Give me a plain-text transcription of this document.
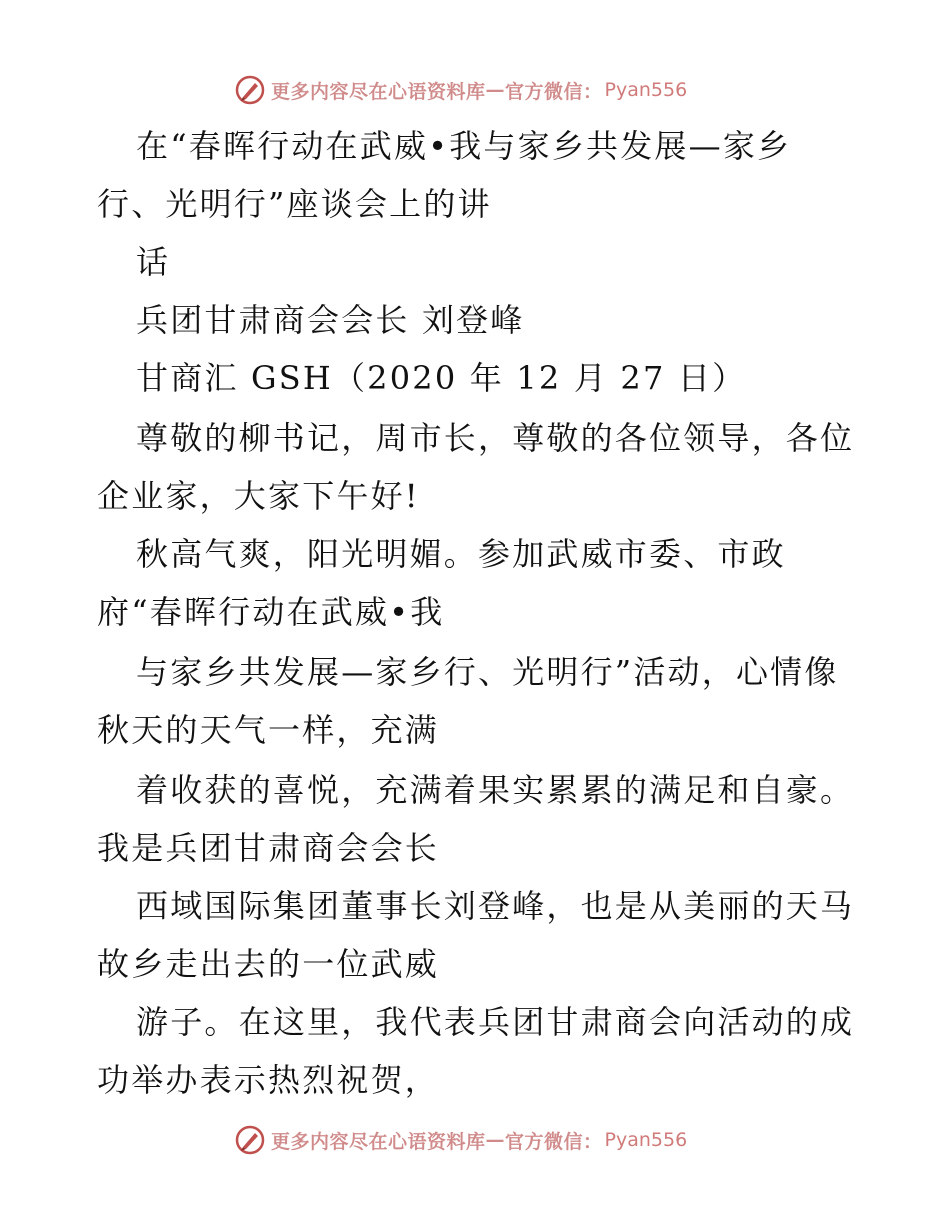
更多内容尽在心语资料库 — 官方微信： Pyan556
在“春晖行动在武威•我与家乡共发展—家乡
行、光明行”座谈会上的讲
话
兵团甘肃商会会长 刘登峰
甘商汇 GSH（2020 年 12 月 27 日）
尊敬的柳书记，周市长，尊敬的各位领导，各位
企业家，大家下午好!
秋高气爽，阳光明媚。参加武威市委、市政
府“春晖行动在武威•我
与家乡共发展—家乡行、光明行”活动，心情像
秋天的天气一样，充满
着收获的喜悦，充满着果实累累的满足和自豪。
我是兵团甘肃商会会长
西域国际集团董事长刘登峰，也是从美丽的天马
故乡走出去的一位武威
游子。在这里，我代表兵团甘肃商会向活动的成
功举办表示热烈祝贺，
更多内容尽在心语资料库 — 官方微信： Pyan556
